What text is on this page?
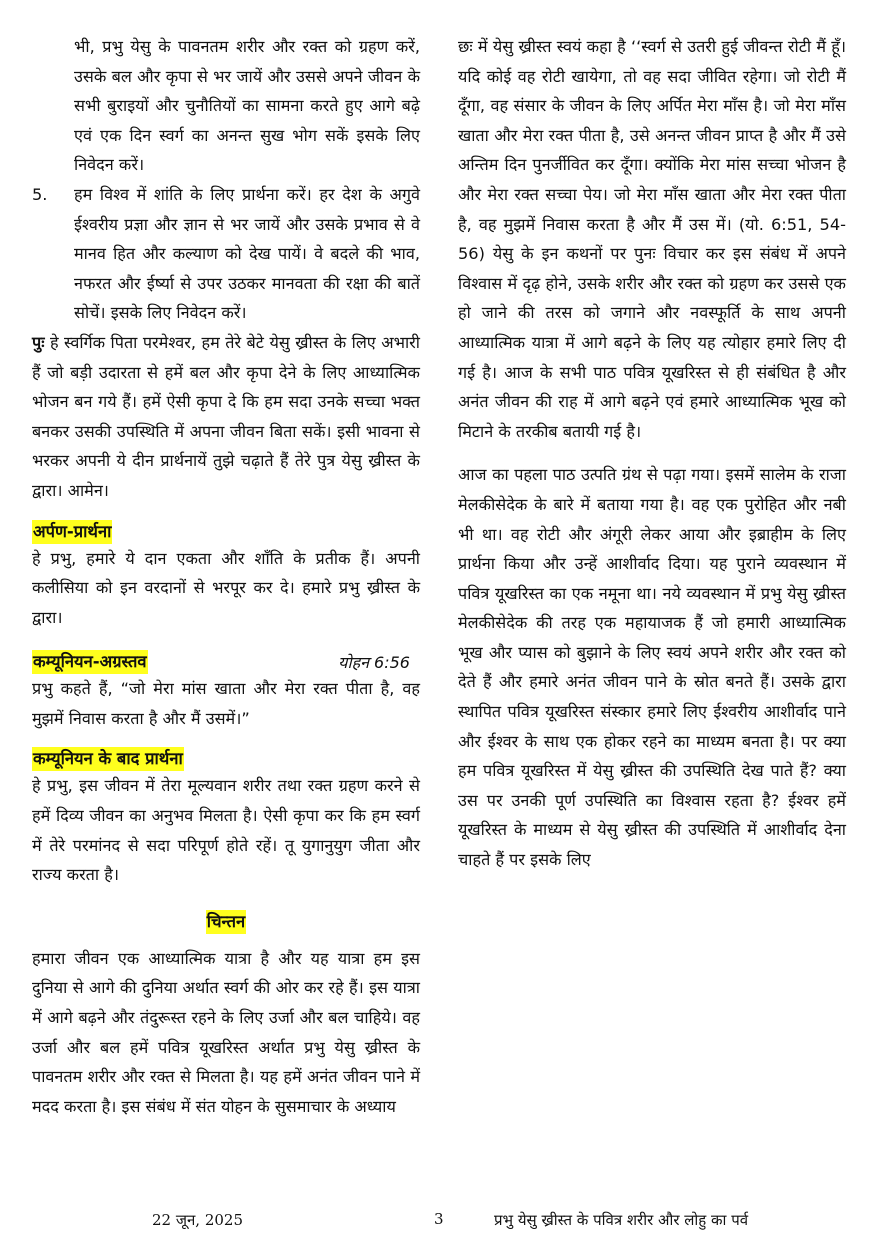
भी, प्रभु येसु के पावनतम शरीर और रक्त को ग्रहण करें, उसके बल और कृपा से भर जायें और उससे अपने जीवन के सभी बुराइयों और चुनौतियों का सामना करते हुए आगे बढ़े एवं एक दिन स्वर्ग का अनन्त सुख भोग सकें इसके लिए निवेदन करें।

5. हम विश्व में शांति के लिए प्रार्थना करें। हर देश के अगुवे ईश्वरीय प्रज्ञा और ज्ञान से भर जायें और उसके प्रभाव से वे मानव हित और कल्याण को देख पायें। वे बदले की भाव, नफरत और ईर्ष्या से उपर उठकर मानवता की रक्षा की बातें सोचें। इसके लिए निवेदन करें।

पुः हे स्वर्गिक पिता परमेश्वर, हम तेरे बेटे येसु ख्रीस्त के लिए अभारी हैं जो बड़ी उदारता से हमें बल और कृपा देने के लिए आध्यात्मिक भोजन बन गये हैं। हमें ऐसी कृपा दे कि हम सदा उनके सच्चा भक्त बनकर उसकी उपस्थिति में अपना जीवन बिता सकें। इसी भावना से भरकर अपनी ये दीन प्रार्थनायें तुझे चढ़ाते हैं तेरे पुत्र येसु ख्रीस्त के द्वारा। आमेन।

अर्पण-प्रार्थना

हे प्रभु, हमारे ये दान एकता और शाँति के प्रतीक हैं। अपनी कलीसिया को इन वरदानों से भरपूर कर दे। हमारे प्रभु ख्रीस्त के द्वारा।

कम्यूनियन-अग्रस्तव	योहन 6:56

प्रभु कहते हैं, “जो मेरा मांस खाता और मेरा रक्त पीता है, वह मुझमें निवास करता है और मैं उसमें।”

कम्यूनियन के बाद प्रार्थना

हे प्रभु, इस जीवन में तेरा मूल्यवान शरीर तथा रक्त ग्रहण करने से हमें दिव्य जीवन का अनुभव मिलता है। ऐसी कृपा कर कि हम स्वर्ग में तेरे परमांनद से सदा परिपूर्ण होते रहें। तू युगानुयुग जीता और राज्य करता है।

चिन्तन

हमारा जीवन एक आध्यात्मिक यात्रा है और यह यात्रा हम इस दुनिया से आगे की दुनिया अर्थात स्वर्ग की ओर कर रहे हैं। इस यात्रा में आगे बढ़ने और तंदुरूस्त रहने के लिए उर्जा और बल चाहिये। वह उर्जा और बल हमें पवित्र यूखरिस्त अर्थात प्रभु येसु ख्रीस्त के पावनतम शरीर और रक्त से मिलता है। यह हमें अनंत जीवन पाने में मदद करता है। इस संबंध में संत योहन के सुसमाचार के अध्याय

छः में येसु ख्रीस्त स्वयं कहा है ‘‘स्वर्ग से उतरी हुई जीवन्त रोटी मैं हूँ। यदि कोई वह रोटी खायेगा, तो वह सदा जीवित रहेगा। जो रोटी मैं दूँगा, वह संसार के जीवन के लिए अर्पित मेरा माँस है। जो मेरा माँस खाता और मेरा रक्त पीता है, उसे अनन्त जीवन प्राप्त है और मैं उसे अन्तिम दिन पुनर्जीवित कर दूँगा। क्योंकि मेरा मांस सच्चा भोजन है और मेरा रक्त सच्चा पेय। जो मेरा माँस खाता और मेरा रक्त पीता है, वह मुझमें निवास करता है और मैं उस में। (यो. 6:51, 54-56) येसु के इन कथनों पर पुनः विचार कर इस संबंध में अपने विश्वास में दृढ़ होने, उसके शरीर और रक्त को ग्रहण कर उससे एक हो जाने की तरस को जगाने और नवस्फूर्ति के साथ अपनी आध्यात्मिक यात्रा में आगे बढ़ने के लिए यह त्योहार हमारे लिए दी गई है। आज के सभी पाठ पवित्र यूखरिस्त से ही संबंधित है और अनंत जीवन की राह में आगे बढ़ने एवं हमारे आध्यात्मिक भूख को मिटाने के तरकीब बतायी गई है।

आज का पहला पाठ उत्पति ग्रंथ से पढ़ा गया। इसमें सालेम के राजा मेलकीसेदेक के बारे में बताया गया है। वह एक पुरोहित और नबी भी था। वह रोटी और अंगूरी लेकर आया और इब्राहीम के लिए प्रार्थना किया और उन्हें आशीर्वाद दिया। यह पुराने व्यवस्थान में पवित्र यूखरिस्त का एक नमूना था। नये व्यवस्थान में प्रभु येसु ख्रीस्त मेलकीसेदेक की तरह एक महायाजक हैं जो हमारी आध्यात्मिक भूख और प्यास को बुझाने के लिए स्वयं अपने शरीर और रक्त को देते हैं और हमारे अनंत जीवन पाने के स्रोत बनते हैं। उसके द्वारा स्थापित पवित्र यूखरिस्त संस्कार हमारे लिए ईश्वरीय आशीर्वाद पाने और ईश्वर के साथ एक होकर रहने का माध्यम बनता है। पर क्या हम पवित्र यूखरिस्त में येसु ख्रीस्त की उपस्थिति देख पाते हैं? क्या उस पर उनकी पूर्ण उपस्थिति का विश्वास रहता है? ईश्वर हमें यूखरिस्त के माध्यम से येसु ख्रीस्त की उपस्थिति में आशीर्वाद देना चाहते हैं पर इसके लिए

22 जून, 2025	3	प्रभु येसु ख्रीस्त के पवित्र शरीर और लोहु का पर्व
